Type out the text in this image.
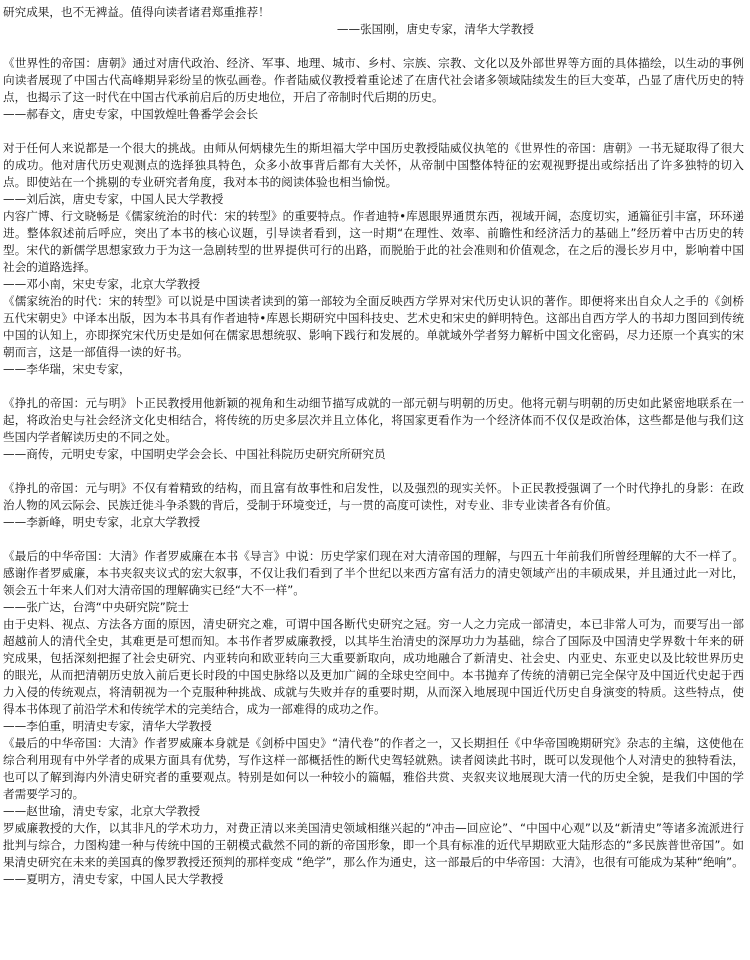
研究成果，也不无裨益。值得向读者诸君郑重推荐！

——张国刚，唐史专家，清华大学教授

《世界性的帝国：唐朝》通过对唐代政治、经济、军事、地理、城市、乡村、宗族、宗教、文化以及外部世界等方面的具体描绘，以生动的事例向读者展现了中国古代高峰期异彩纷呈的恢弘画卷。作者陆威仪教授着重论述了在唐代社会诸多领域陆续发生的巨大变革，凸显了唐代历史的特点，也揭示了这一时代在中国古代承前启后的历史地位，开启了帝制时代后期的历史。

——郝春文，唐史专家，中国敦煌吐鲁番学会会长

对于任何人来说都是一个很大的挑战。由师从何炳棣先生的斯坦福大学中国历史教授陆威仪执笔的《世界性的帝国：唐朝》一书无疑取得了很大的成功。他对唐代历史观测点的选择独具特色，众多小故事背后都有大关怀，从帝制中国整体特征的宏观视野提出或综括出了许多独特的切入点。即使站在一个挑剔的专业研究者角度，我对本书的阅读体验也相当愉悦。

——刘后滨，唐史专家，中国人民大学教授

内容广博、行文晓畅是《儒家统治的时代：宋的转型》的重要特点。作者迪特•库恩眼界通贯东西，视域开阔，态度切实，通篇征引丰富，环环递进。整体叙述前后呼应，突出了本书的核心议题，引导读者看到，这一时期“在理性、效率、前瞻性和经济活力的基础上”经历着中古历史的转型。宋代的新儒学思想家致力于为这一急剧转型的世界提供可行的出路，而脱胎于此的社会准则和价值观念，在之后的漫长岁月中，影响着中国社会的道路选择。

——邓小南，宋史专家，北京大学教授

《儒家统治的时代：宋的转型》可以说是中国读者读到的第一部较为全面反映西方学界对宋代历史认识的著作。即便将来出自众人之手的《剑桥五代宋朝史》中译本出版，因为本书具有作者迪特•库恩长期研究中国科技史、艺术史和宋史的鲜明特色。这部出自西方学人的书却力图回到传统中国的认知上，亦即探究宋代历史是如何在儒家思想统驭、影响下践行和发展的。单就域外学者努力解析中国文化密码，尽力还原一个真实的宋朝而言，这是一部值得一读的好书。

——李华瑞，宋史专家，

《挣扎的帝国：元与明》卜正民教授用他新颖的视角和生动细节描写成就的一部元朝与明朝的历史。他将元朝与明朝的历史如此紧密地联系在一起，将政治史与社会经济文化史相结合，将传统的历史多层次并且立体化，将国家更看作为一个经济体而不仅仅是政治体，这些都是他与我们这些国内学者解读历史的不同之处。

——商传，元明史专家，中国明史学会会长、中国社科院历史研究所研究员

《挣扎的帝国：元与明》不仅有着精致的结构，而且富有故事性和启发性，以及强烈的现实关怀。卜正民教授强调了一个时代挣扎的身影：在政治人物的风云际会、民族迁徙斗争杀戮的背后，受制于环境变迁，与一贯的高度可读性，对专业、非专业读者各有价值。

——李新峰，明史专家，北京大学教授

《最后的中华帝国：大清》作者罗威廉在本书《导言》中说：历史学家们现在对大清帝国的理解，与四五十年前我们所曾经理解的大不一样了。感谢作者罗威廉，本书夹叙夹议式的宏大叙事，不仅让我们看到了半个世纪以来西方富有活力的清史领域产出的丰硕成果，并且通过此一对比，领会五十年来人们对大清帝国的理解确实已经“大不一样”。

——张广达，台湾“中央研究院”院士

由于史料、视点、方法各方面的原因，清史研究之难，可谓中国各断代史研究之冠。穷一人之力完成一部清史，本已非常人可为，而要写出一部超越前人的清代全史，其难更是可想而知。本书作者罗威廉教授，以其毕生治清史的深厚功力为基础，综合了国际及中国清史学界数十年来的研究成果，包括深刻把握了社会史研究、内亚转向和欧亚转向三大重要新取向，成功地融合了新清史、社会史、内亚史、东亚史以及比较世界历史的眼光，从而把清朝历史放入前后更长时段的中国史脉络以及更加广阔的全球史空间中。本书抛弃了传统的清朝已完全保守及中国近代史起于西力入侵的传统观点，将清朝视为一个克服种种挑战、成就与失败并存的重要时期，从而深入地展现中国近代历史自身演变的特质。这些特点，使得本书体现了前沿学术和传统学术的完美结合，成为一部难得的成功之作。

——李伯重，明清史专家，清华大学教授

《最后的中华帝国：大清》作者罗威廉本身就是《剑桥中国史》“清代卷”的作者之一，又长期担任《中华帝国晚期研究》杂志的主编，这使他在综合利用现有中外学者的成果方面具有优势，写作这样一部概括性的断代史驾轻就熟。读者阅读此书时，既可以发现他个人对清史的独特看法，也可以了解到海内外清史研究者的重要观点。特别是如何以一种较小的篇幅，雅俗共赏、夹叙夹议地展现大清一代的历史全貌，是我们中国的学者需要学习的。

——赵世瑜，清史专家，北京大学教授

罗威廉教授的大作，以其非凡的学术功力，对费正清以来美国清史领域相继兴起的“冲击—回应论”、“中国中心观”以及“新清史”等诸多流派进行批判与综合，力图构建一种与传统中国的王朝模式截然不同的新的帝国形象，即一个具有标准的近代早期欧亚大陆形态的“多民族普世帝国”。如果清史研究在未来的美国真的像罗教授还预判的那样变成 “绝学”，那么作为通史，这一部最后的中华帝国：大清》，也很有可能成为某种“绝响”。

——夏明方，清史专家，中国人民大学教授
